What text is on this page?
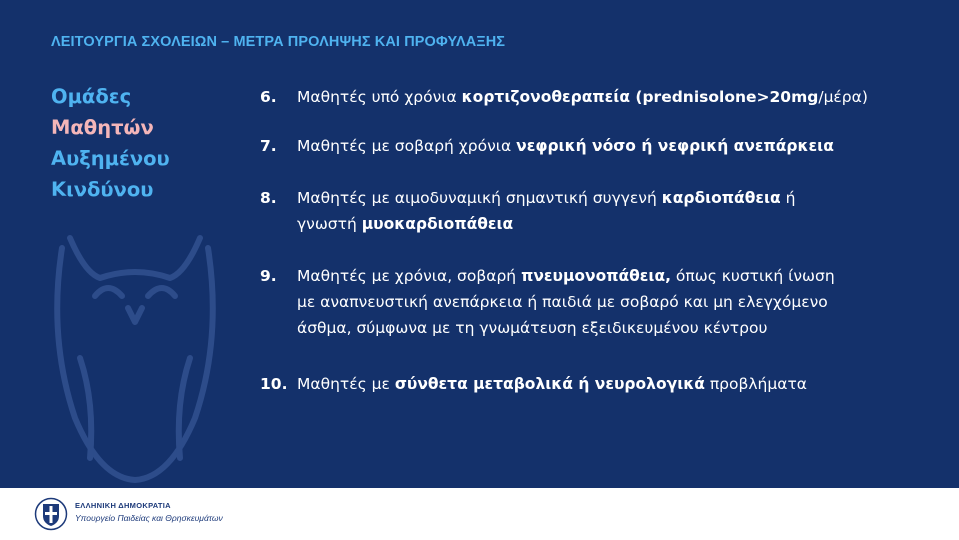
ΛΕΙΤΟΥΡΓΙΑ ΣΧΟΛΕΙΩΝ – ΜΕΤΡΑ ΠΡΟΛΗΨΗΣ ΚΑΙ ΠΡΟΦΥΛΑΞΗΣ
Ομάδες
Μαθητών
Αυξημένου
Κινδύνου
6.	Μαθητές υπό χρόνια κορτιζονοθεραπεία (prednisolone>20mg/μέρα)
7.	Μαθητές με σοβαρή χρόνια νεφρική νόσο ή νεφρική ανεπάρκεια
8.	Μαθητές με αιμοδυναμική σημαντική συγγενή καρδιοπάθεια ή
γνωστή μυοκαρδιοπάθεια
9.	Μαθητές με χρόνια, σοβαρή πνευμονοπάθεια, όπως κυστική ίνωση
με αναπνευστική ανεπάρκεια ή παιδιά με σοβαρό και μη ελεγχόμενο
άσθμα, σύμφωνα με τη γνωμάτευση εξειδικευμένου κέντρου
10. Μαθητές με σύνθετα μεταβολικά ή νευρολογικά προβλήματα
ΕΛΛΗΝΙΚΗ ΔΗΜΟΚΡΑΤΙΑ
Υπουργείο Παιδείας και Θρησκευμάτων
